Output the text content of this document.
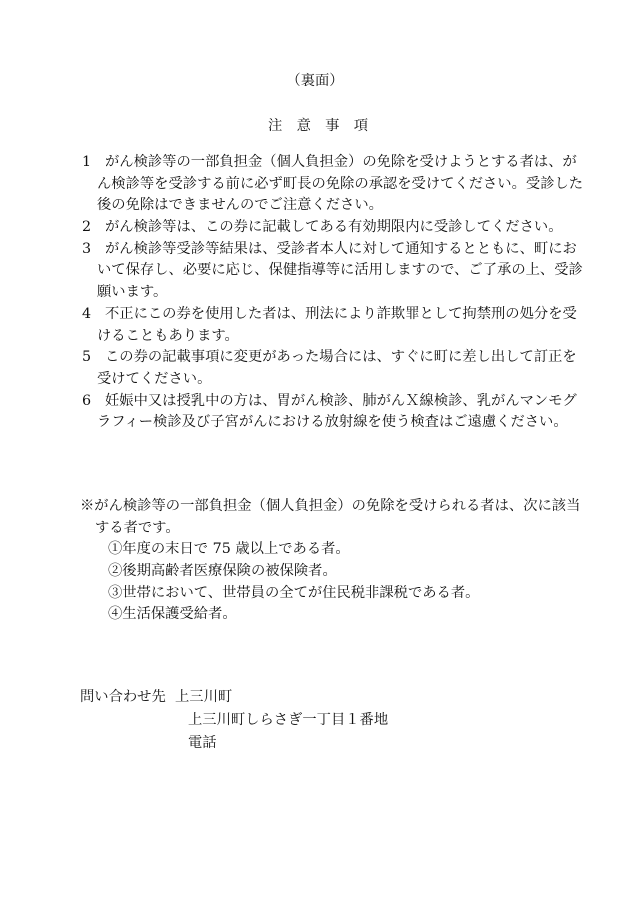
（裏面）
注　意　事　項
1 がん検診等の一部負担金（個人負担金）の免除を受けようとする者は、が
ん検診等を受診する前に必ず町長の免除の承認を受けてください。受診した
後の免除はできませんのでご注意ください。
2 がん検診等は、この券に記載してある有効期限内に受診してください。
3 がん検診等受診等結果は、受診者本人に対して通知するとともに、町にお
いて保存し、必要に応じ、保健指導等に活用しますので、ご了承の上、受診
願います。
4 不正にこの券を使用した者は、刑法により詐欺罪として拘禁刑の処分を受
けることもあります。
5 この券の記載事項に変更があった場合には、すぐに町に差し出して訂正を
受けてください。
6 妊娠中又は授乳中の方は、胃がん検診、肺がんＸ線検診、乳がんマンモグ
ラフィー検診及び子宮がんにおける放射線を使う検査はご遠慮ください。
※がん検診等の一部負担金（個人負担金）の免除を受けられる者は、次に該当
する者です。
①年度の末日で 75 歳以上である者。
②後期高齢者医療保険の被保険者。
③世帯において、世帯員の全てが住民税非課税である者。
④生活保護受給者。
問い合わせ先 上三川町
上三川町しらさぎ一丁目１番地
電話
